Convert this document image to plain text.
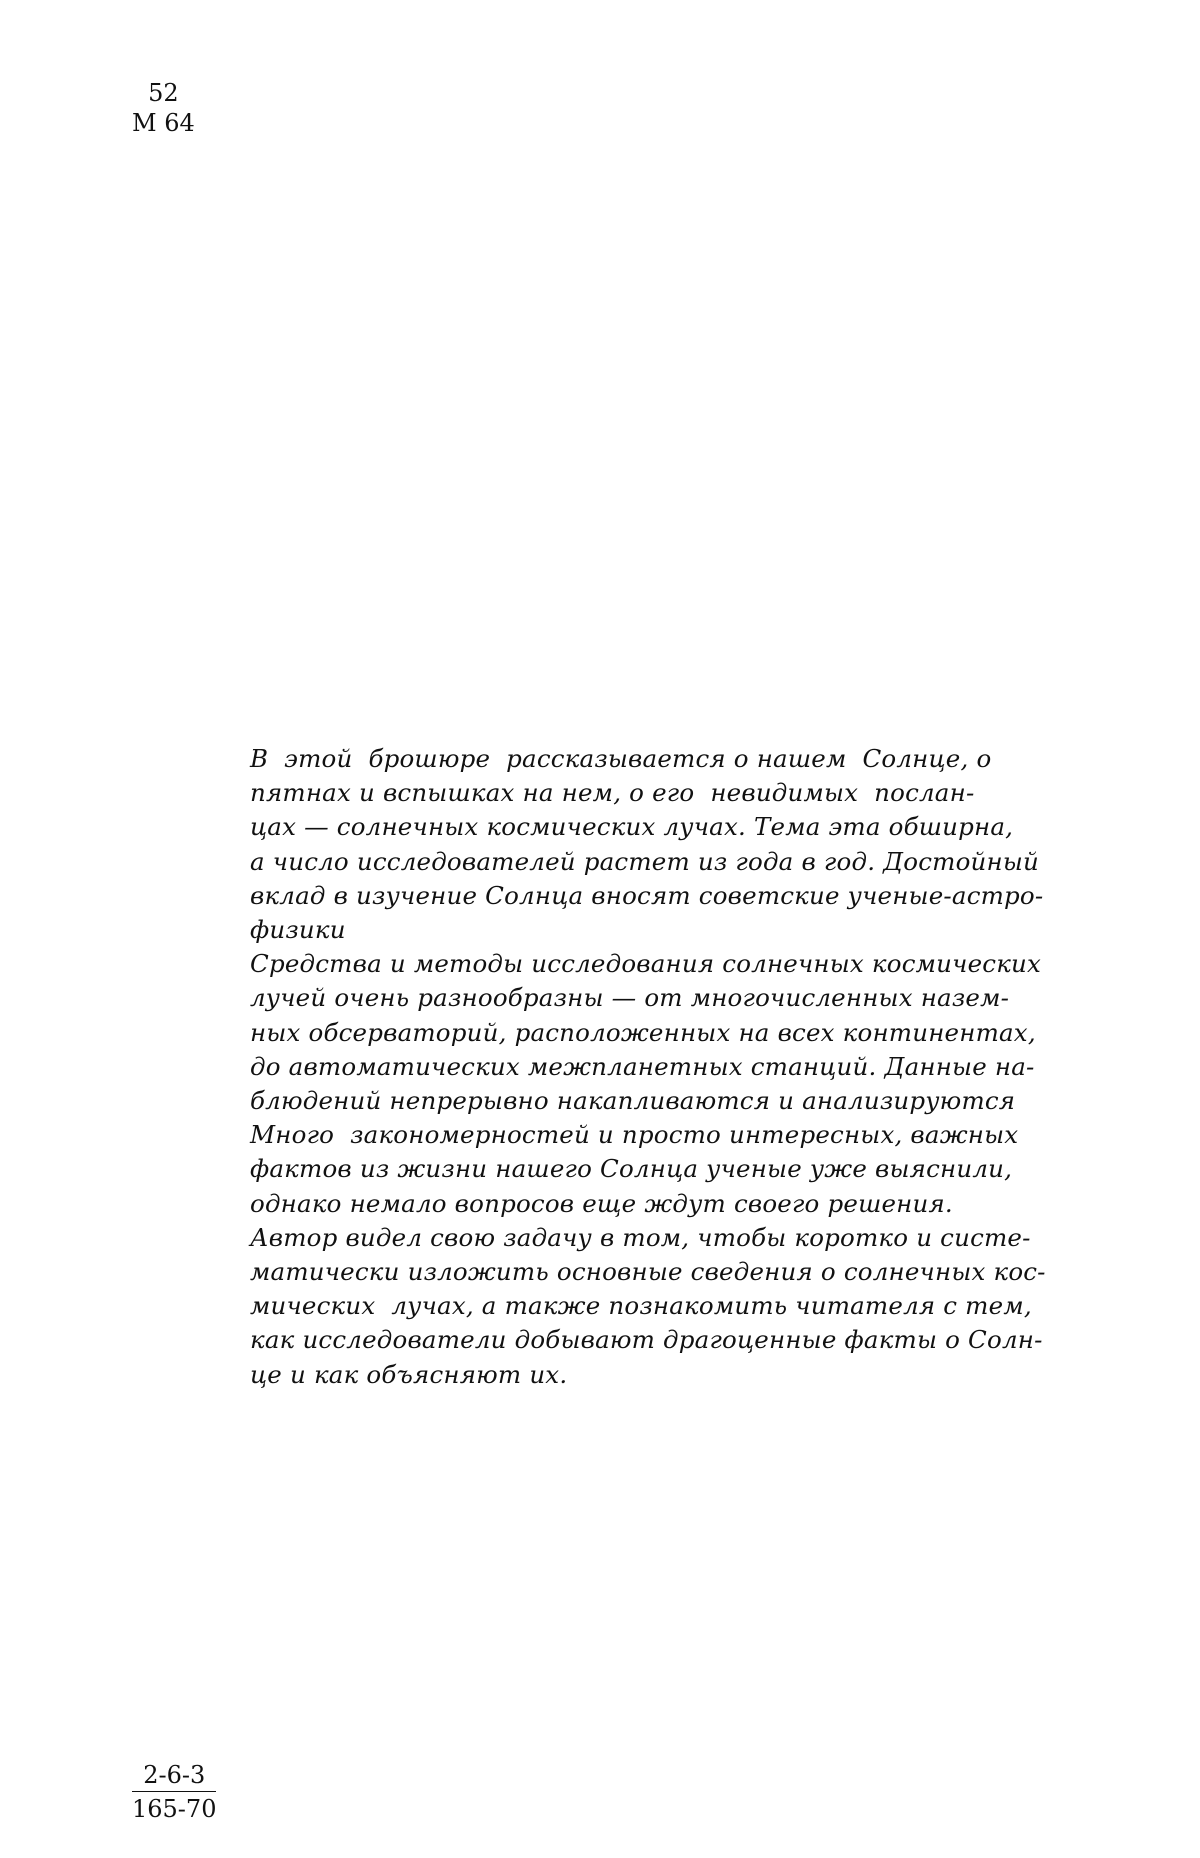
52
М 64
В  этой  брошюре  рассказывается о нашем  Солнце, о
пятнах и вспышках на нем, о его  невидимых  послан-
цах — солнечных космических лучах. Тема эта обширна,
а число исследователей растет из года в год. Достойный
вклад в изучение Солнца вносят советские ученые-астро-
физики
Средства и методы исследования солнечных космических
лучей очень разнообразны — от многочисленных назем-
ных обсерваторий, расположенных на всех континентах,
до автоматических межпланетных станций. Данные на-
блюдений непрерывно накапливаются и анализируются
Много  закономерностей и просто интересных, важных
фактов из жизни нашего Солнца ученые уже выяснили,
однако немало вопросов еще ждут своего решения.
Автор видел свою задачу в том, чтобы коротко и систе-
матически изложить основные сведения о солнечных кос-
мических  лучах, а также познакомить читателя с тем,
как исследователи добывают драгоценные факты о Солн-
це и как объясняют их.
2-6-3
165-70
